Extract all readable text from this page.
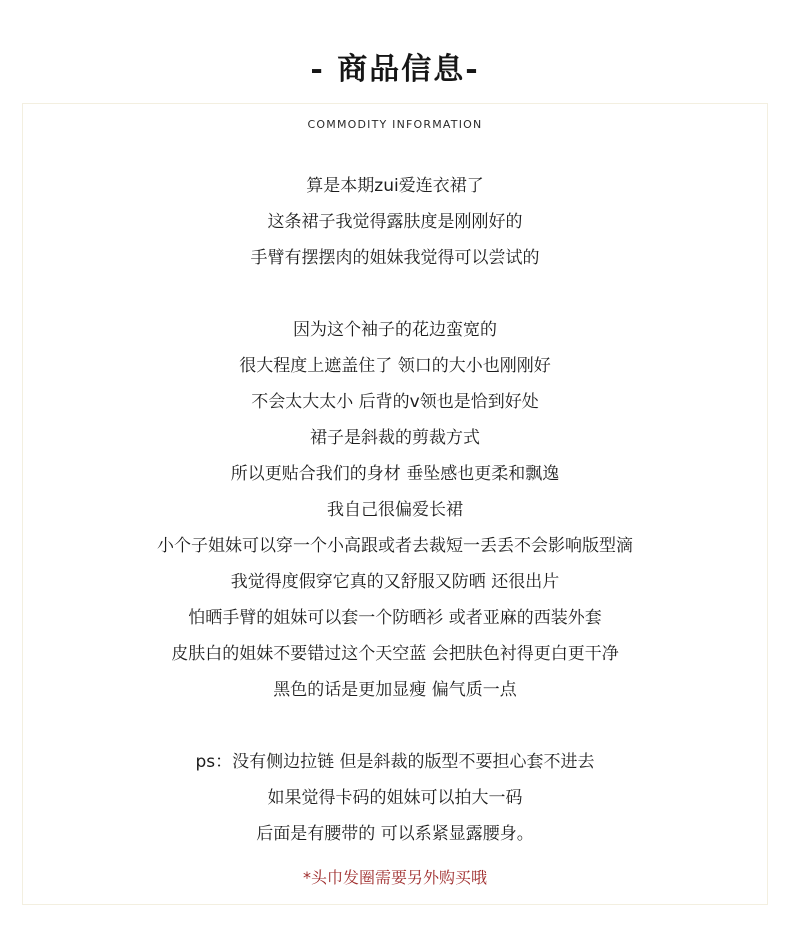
- 商品信息-
COMMODITY INFORMATION
算是本期zui爱连衣裙了
这条裙子我觉得露肤度是刚刚好的
手臂有摆摆肉的姐妹我觉得可以尝试的
因为这个袖子的花边蛮宽的
很大程度上遮盖住了 领口的大小也刚刚好
不会太大太小 后背的v领也是恰到好处
裙子是斜裁的剪裁方式
所以更贴合我们的身材 垂坠感也更柔和飘逸
我自己很偏爱长裙
小个子姐妹可以穿一个小高跟或者去裁短一丢丢不会影响版型滴
我觉得度假穿它真的又舒服又防晒 还很出片
怕晒手臂的姐妹可以套一个防晒衫 或者亚麻的西装外套
皮肤白的姐妹不要错过这个天空蓝 会把肤色衬得更白更干净
黑色的话是更加显瘦 偏气质一点
ps：没有侧边拉链 但是斜裁的版型不要担心套不进去
如果觉得卡码的姐妹可以拍大一码
后面是有腰带的 可以系紧显露腰身。
*头巾发圈需要另外购买哦
